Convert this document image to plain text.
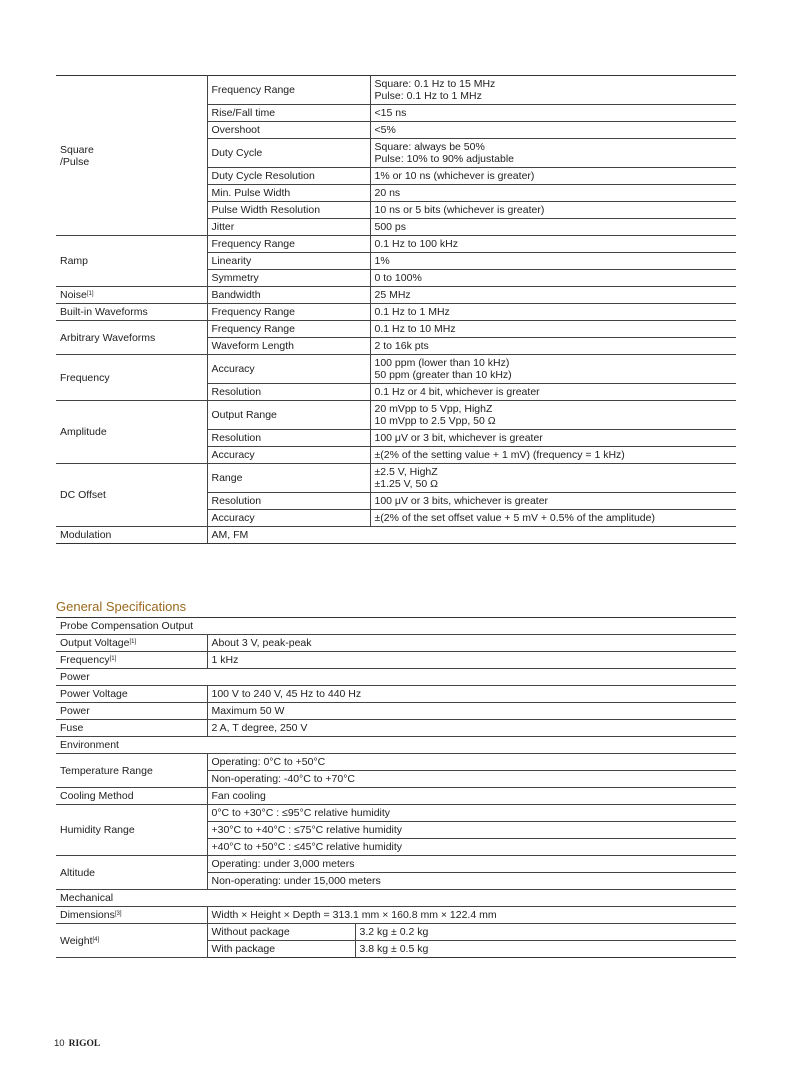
Square
/Pulse	Frequency Range	Square: 0.1 Hz to 15 MHz
Pulse: 0.1 Hz to 1 MHz
	Rise/Fall time	<15 ns
	Overshoot	<5%
	Duty Cycle	Square: always be 50%
Pulse: 10% to 90% adjustable
	Duty Cycle Resolution	1% or 10 ns (whichever is greater)
	Min. Pulse Width	20 ns
	Pulse Width Resolution	10 ns or 5 bits (whichever is greater)
	Jitter	500 ps
Ramp	Frequency Range	0.1 Hz to 100 kHz
	Linearity	1%
	Symmetry	0 to 100%
Noise[1]	Bandwidth	25 MHz
Built-in Waveforms	Frequency Range	0.1 Hz to 1 MHz
Arbitrary Waveforms	Frequency Range	0.1 Hz to 10 MHz
	Waveform Length	2 to 16k pts
Frequency	Accuracy	100 ppm (lower than 10 kHz)
50 ppm (greater than 10 kHz)
	Resolution	0.1 Hz or 4 bit, whichever is greater
Amplitude	Output Range	20 mVpp to 5 Vpp, HighZ
10 mVpp to 2.5 Vpp, 50 Ω
	Resolution	100 μV or 3 bit, whichever is greater
	Accuracy	±(2% of the setting value + 1 mV) (frequency = 1 kHz)
DC Offset	Range	±2.5 V, HighZ
±1.25 V, 50 Ω
	Resolution	100 μV or 3 bits, whichever is greater
	Accuracy	±(2% of the set offset value + 5 mV + 0.5% of the amplitude)
Modulation	AM, FM	
General Specifications
Probe Compensation Output		
Output Voltage[1]	About 3 V, peak-peak	
Frequency[1]	1 kHz	
Power		
Power Voltage	100 V to 240 V, 45 Hz to 440 Hz	
Power	Maximum 50 W	
Fuse	2 A, T degree, 250 V	
Environment		
Temperature Range	Operating: 0°C to +50°C	
	Non-operating: -40°C to +70°C	
Cooling Method	Fan cooling	
Humidity Range	0°C to +30°C : ≤95°C relative humidity	
	+30°C to +40°C : ≤75°C relative humidity	
	+40°C to +50°C : ≤45°C relative humidity	
Altitude	Operating: under 3,000 meters	
	Non-operating: under 15,000 meters	
Mechanical		
Dimensions[3]	Width × Height × Depth = 313.1 mm × 160.8 mm × 122.4 mm	
Weight[4]	Without package	3.2 kg ± 0.2 kg
	With package	3.8 kg ± 0.5 kg
10 RIGOL
